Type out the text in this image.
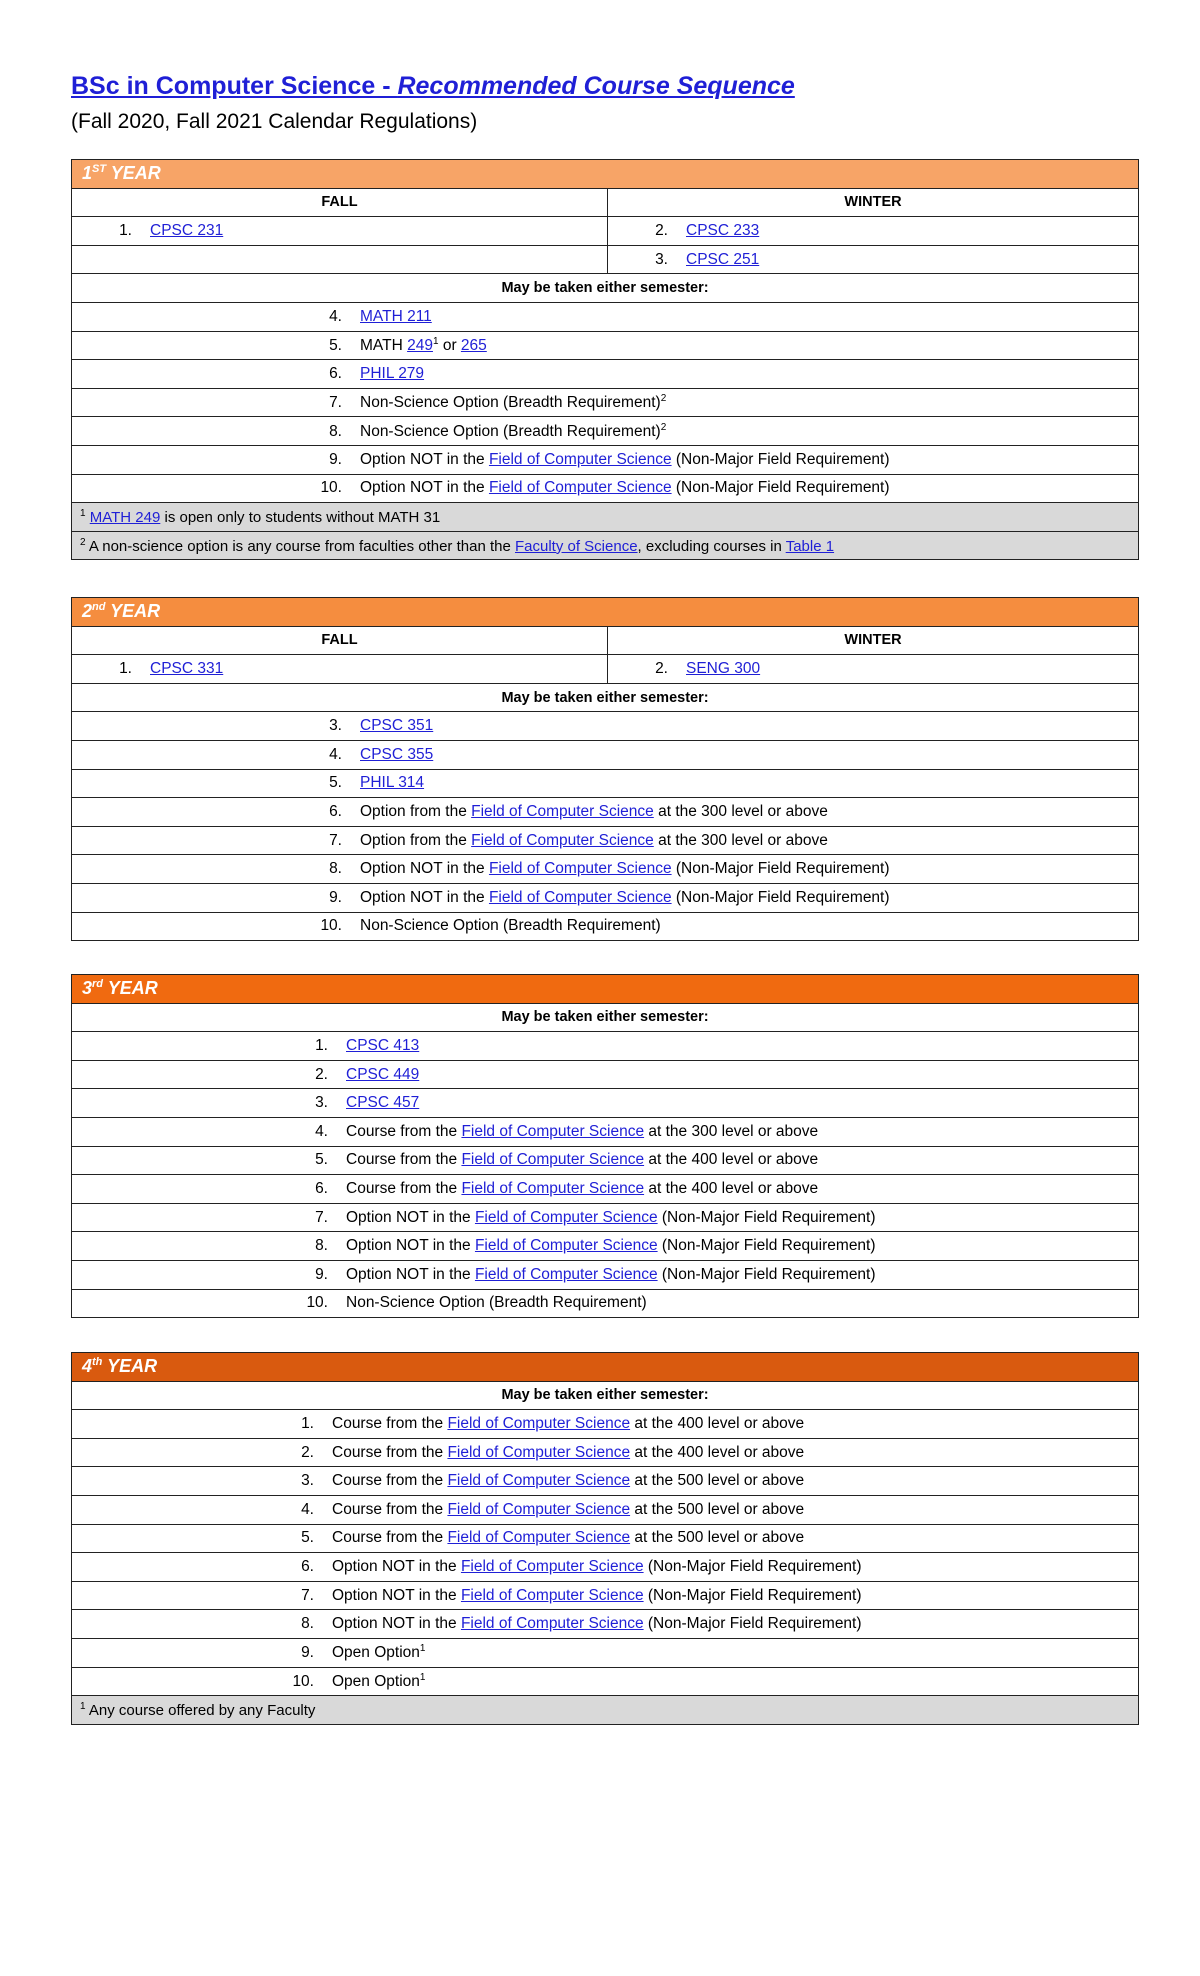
BSc in Computer Science - Recommended Course Sequence
(Fall 2020, Fall 2021 Calendar Regulations)
1ST YEAR	
FALL	WINTER

1. CPSC 231	2. CPSC 233

	3. CPSC 251

May be taken either semester:	

4. MATH 211	

5. MATH $249^1$ or 265	

6. PHIL 279	

7. Non-Science Option (Breadth Requirement)$^2$

8. Non-Science Option (Breadth Requirement)$^2$

9. Option NOT in the Field of Computer Science (Non-Major Field Requirement)	

10. Option NOT in the Field of Computer Science (Non-Major Field Requirement)	

$^1$ MATH 249 is open only to students without MATH 31	
$^2$ A non-science option is any course from faculties other than the Faculty of Science, excluding courses in Table 1	
2nd YEAR	
FALL	WINTER

1. CPSC 331	2. SENG 300

May be taken either semester:	

3. CPSC 351	

4. CPSC 355	

5. PHIL 314	

6. Option from the Field of Computer Science at the 300 level or above	

7. Option from the Field of Computer Science at the 300 level or above	

8. Option NOT in the Field of Computer Science (Non-Major Field Requirement)	

9. Option NOT in the Field of Computer Science (Non-Major Field Requirement)	

10. Non-Science Option (Breadth Requirement)	
3rd YEAR
May be taken either semester:

1. CPSC 413

2. CPSC 449

3. CPSC 457

4. Course from the Field of Computer Science at the 300 level or above

5. Course from the Field of Computer Science at the 400 level or above

6. Course from the Field of Computer Science at the 400 level or above

7. Option NOT in the Field of Computer Science (Non-Major Field Requirement)

8. Option NOT in the Field of Computer Science (Non-Major Field Requirement)

9. Option NOT in the Field of Computer Science (Non-Major Field Requirement)

10. Non-Science Option (Breadth Requirement)
4th YEAR
May be taken either semester:

1. Course from the Field of Computer Science at the 400 level or above

2. Course from the Field of Computer Science at the 400 level or above

3. Course from the Field of Computer Science at the 500 level or above

4. Course from the Field of Computer Science at the 500 level or above

5. Course from the Field of Computer Science at the 500 level or above

6. Option NOT in the Field of Computer Science (Non-Major Field Requirement)

7. Option NOT in the Field of Computer Science (Non-Major Field Requirement)

8. Option NOT in the Field of Computer Science (Non-Major Field Requirement)

9. Open Option$^1$

10. Open Option$^1$

$^1$ Any course offered by any Faculty
